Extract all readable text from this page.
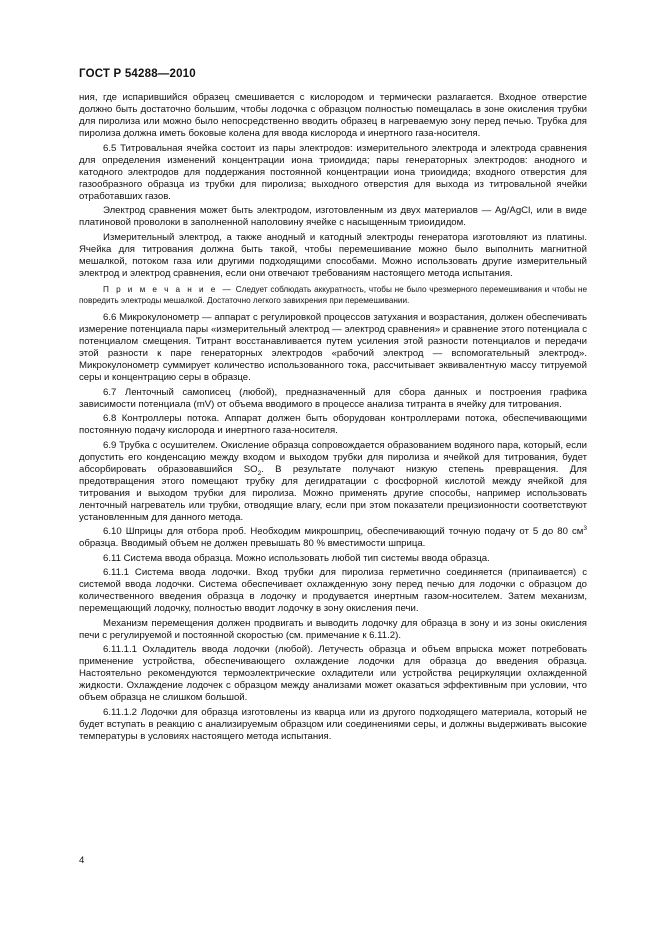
ГОСТ Р 54288—2010

ния, где испарившийся образец смешивается с кислородом и термически разлагается. Входное отверстие должно быть достаточно большим, чтобы лодочка с образцом полностью помещалась в зоне окисления трубки для пиролиза или можно было непосредственно вводить образец в нагреваемую зону перед печью. Трубка для пиролиза должна иметь боковые колена для ввода кислорода и инертного газа-носителя.

6.5 Титровальная ячейка состоит из пары электродов: измерительного электрода и электрода сравнения для определения изменений концентрации иона триоидида; пары генераторных электродов: анодного и катодного электродов для поддержания постоянной концентрации иона триоидида; входного отверстия для газообразного образца из трубки для пиролиза; выходного отверстия для выхода из титровальной ячейки отработавших газов.

Электрод сравнения может быть электродом, изготовленным из двух материалов — Ag/AgCl, или в виде платиновой проволоки в заполненной наполовину ячейке с насыщенным триоидидом.

Измерительный электрод, а также анодный и катодный электроды генератора изготовляют из платины. Ячейка для титрования должна быть такой, чтобы перемешивание можно было выполнить магнитной мешалкой, потоком газа или другими подходящими способами. Можно использовать другие измерительный электрод и электрод сравнения, если они отвечают требованиям настоящего метода испытания.

П р и м е ч а н и е — Следует соблюдать аккуратность, чтобы не было чрезмерного перемешивания и чтобы не повредить электроды мешалкой. Достаточно легкого завихрения при перемешивании.

6.6 Микрокулонометр — аппарат с регулировкой процессов затухания и возрастания, должен обеспечивать измерение потенциала пары «измерительный электрод — электрод сравнения» и сравнение этого потенциала с потенциалом смещения. Титрант восстанавливается путем усиления этой разности потенциалов и передачи этой разности к паре генераторных электродов «рабочий электрод — вспомогательный электрод». Микрокулонометр суммирует количество использованного тока, рассчитывает эквивалентную массу титруемой серы и концентрацию серы в образце.

6.7 Ленточный самописец (любой), предназначенный для сбора данных и построения графика зависимости потенциала (mV) от объема вводимого в процессе анализа титранта в ячейку для титрования.

6.8 Контроллеры потока. Аппарат должен быть оборудован контроллерами потока, обеспечивающими постоянную подачу кислорода и инертного газа-носителя.

6.9 Трубка с осушителем. Окисление образца сопровождается образованием водяного пара, который, если допустить его конденсацию между входом и выходом трубки для пиролиза и ячейкой для титрования, будет абсорбировать образовавшийся $SO_2$. В результате получают низкую степень превращения. Для предотвращения этого помещают трубку для дегидратации с фосфорной кислотой между ячейкой для титрования и выходом трубки для пиролиза. Можно применять другие способы, например использовать ленточный нагреватель или трубки, отводящие влагу, если при этом показатели прецизионности соответствуют установленным для данного метода.

6.10 Шприцы для отбора проб. Необходим микрошприц, обеспечивающий точную подачу от 5 до 80 $см^3$ образца. Вводимый объем не должен превышать 80 % вместимости шприца.

6.11 Система ввода образца. Можно использовать любой тип системы ввода образца.

6.11.1 Система ввода лодочки. Вход трубки для пиролиза герметично соединяется (припаивается) с системой ввода лодочки. Система обеспечивает охлажденную зону перед печью для лодочки с образцом до количественного введения образца в лодочку и продувается инертным газом-носителем. Затем механизм, перемещающий лодочку, полностью вводит лодочку в зону окисления печи.

Механизм перемещения должен продвигать и выводить лодочку для образца в зону и из зоны окисления печи с регулируемой и постоянной скоростью (см. примечание к 6.11.2).

6.11.1.1 Охладитель ввода лодочки (любой). Летучесть образца и объем впрыска может потребовать применение устройства, обеспечивающего охлаждение лодочки для образца до введения образца. Настоятельно рекомендуются термоэлектрические охладители или устройства рециркуляции охлажденной жидкости. Охлаждение лодочек с образцом между анализами может оказаться эффективным при условии, что объем образца не слишком большой.

6.11.1.2 Лодочки для образца изготовлены из кварца или из другого подходящего материала, который не будет вступать в реакцию с анализируемым образцом или соединениями серы, и должны выдерживать высокие температуры в условиях настоящего метода испытания.

4
